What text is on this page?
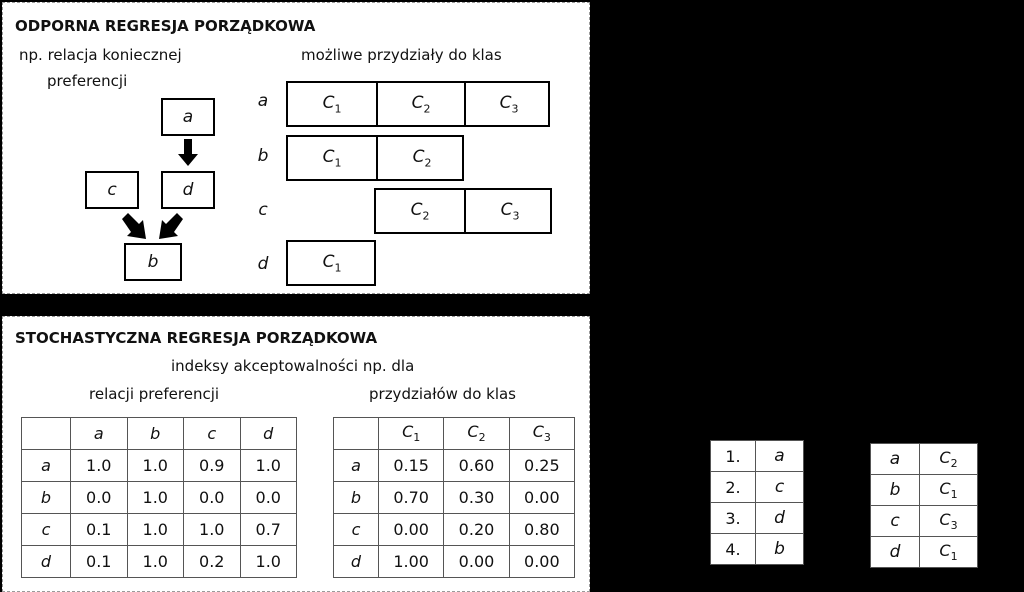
ODPORNA REGRESJA PORZĄDKOWA
np. relacja koniecznej
preferencji
możliwe przydziały do klas
a
d
c
b
a	$C_1$	$C_2$	$C_3$
b	$C_1$	$C_2$
c	$C_2$	$C_3$
d	$C_1$
STOCHASTYCZNA REGRESJA PORZĄDKOWA
indeksy akceptowalności np. dla
relacji preferencji	przydziałów do klas
	a	b	c	d
a	1.0	1.0	0.9	1.0
b	0.0	1.0	0.0	0.0
c	0.1	1.0	1.0	0.7
d	0.1	1.0	0.2	1.0
	$C_1$	$C_2$	$C_3$
a	0.15	0.60	0.25
b	0.70	0.30	0.00
c	0.00	0.20	0.80
d	1.00	0.00	0.00
1.	a
2.	c
3.	d
4.	b
a	$C_2$
b	$C_1$
c	$C_3$
d	$C_1$
